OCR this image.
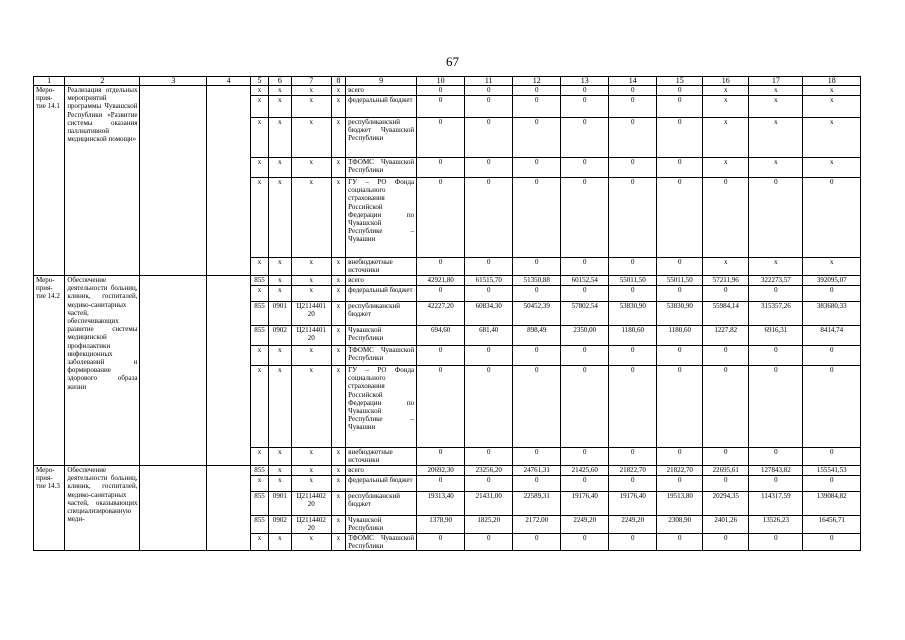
67
1	2	3	4	5	6	7	8	9	10	11	12	13	14	15	16	17	18
Меро-прия-тие 14.1	Реализация отдельных мероприятий программы Чувашской Республики «Развитие системы оказания паллиативной медицинской помощи»			x	x	x	x	всего	0	0	0	0	0	0	x	x	x
				x	x	x	x	федеральный бюджет	0	0	0	0	0	0	x	x	x
				x	x	x	x	республиканский бюджет Чувашской Республики	0	0	0	0	0	0	x	x	x
				x	x	x	x	ТФОМС Чувашской Республики	0	0	0	0	0	0	x	x	x
				x	x	x	x	ГУ – РО Фонда социального страхования Российской Федерации по Чувашской Республике – Чувашии	0	0	0	0	0	0	0	0	0
				x	x	x	x	внебюджетные источники	0	0	0	0	0	0	x	x	x
Меро-прия-тие 14.2	Обеспечение деятельности больниц, клиник, госпиталей, медико-санитарных частей, обеспечивающих развитие системы медицинской профилактики инфекционных заболеваний и формирование здорового образа жизни			855	x	x	x	всего	42921,80	61515,70	51350,88	60152,54	55011,50	55011,50	57211,96	322273,57	392095,07
				x	x	x	x	федеральный бюджет	0	0	0	0	0	0	0	0	0
				855	0901	Ц2114401 20	x	республиканский бюджет	42227,20	60834,30	50452,39	57802,54	53830,90	53830,90	55984,14	315357,26	383680,33
				855	0902	Ц2114401 20	x	Чувашской Республики	694,60	681,40	898,49	2350,00	1180,60	1180,60	1227,82	6916,31	8414,74
				x	x	x	x	ТФОМС Чувашской Республики	0	0	0	0	0	0	0	0	0
				x	x	x	x	ГУ – РО Фонда социального страхования Российской Федерации по Чувашской Республике – Чувашии	0	0	0	0	0	0	0	0	0
				x	x	x	x	внебюджетные источники	0	0	0	0	0	0	0	0	0
Меро-прия-тие 14.3	Обеспечение деятельности больниц, клиник, госпиталей, медико-санитарных частей, оказывающих специализированную меди-			855	x	x	x	всего	20692,30	23256,20	24761,31	21425,60	21822,70	21822,70	22695,61	127843,82	155541,53
				x	x	x	x	федеральный бюджет	0	0	0	0	0	0	0	0	0
				855	0901	Ц2114402 20	x	республиканский бюджет	19313,40	21431,00	22589,31	19176,40	19176,40	19513,80	20294,35	114317,59	139084,82
				855	0902	Ц2114402 20	x	Чувашской Республики	1378,90	1825,20	2172,00	2249,20	2249,20	2308,90	2401,26	13526,23	16456,71
				x	x	x	x	ТФОМС Чувашской Республики	0	0	0	0	0	0	0	0	0
